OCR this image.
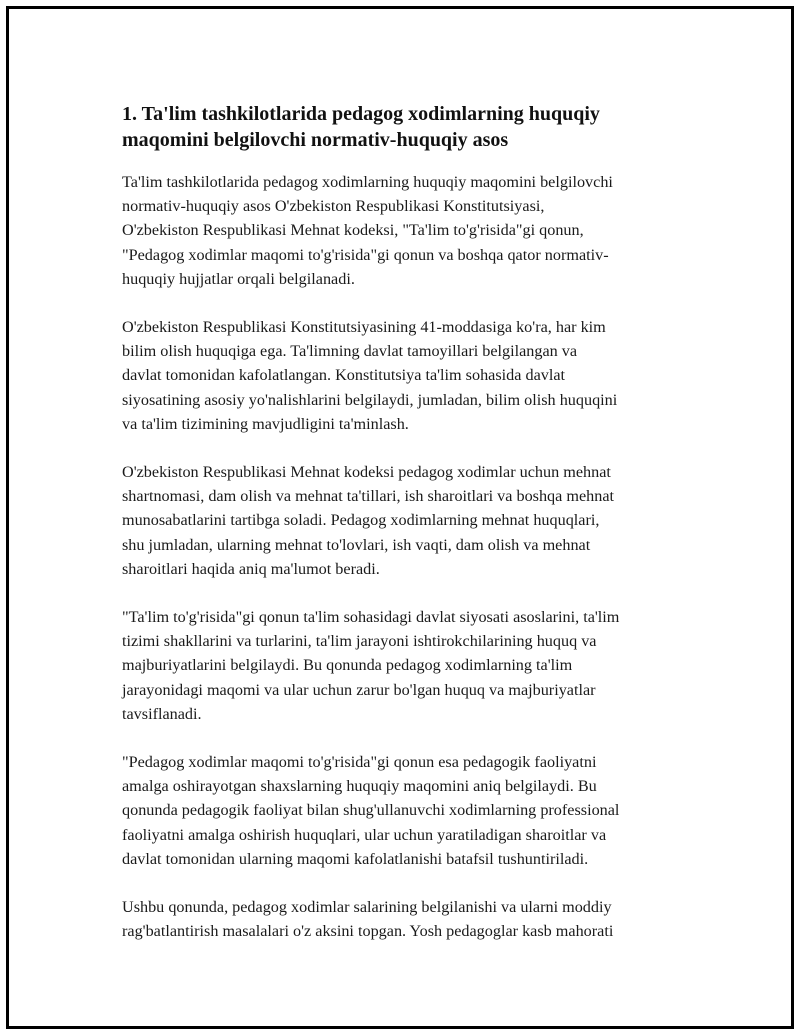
1. Ta'lim tashkilotlarida pedagog xodimlarning huquqiy
maqomini belgilovchi normativ-huquqiy asos

Ta'lim tashkilotlarida pedagog xodimlarning huquqiy maqomini belgilovchi
normativ-huquqiy asos O'zbekiston Respublikasi Konstitutsiyasi,
O'zbekiston Respublikasi Mehnat kodeksi, "Ta'lim to'g'risida"gi qonun,
"Pedagog xodimlar maqomi to'g'risida"gi qonun va boshqa qator normativ-
huquqiy hujjatlar orqali belgilanadi.

O'zbekiston Respublikasi Konstitutsiyasining 41-moddasiga ko'ra, har kim
bilim olish huquqiga ega. Ta'limning davlat tamoyillari belgilangan va
davlat tomonidan kafolatlangan. Konstitutsiya ta'lim sohasida davlat
siyosatining asosiy yo'nalishlarini belgilaydi, jumladan, bilim olish huquqini
va ta'lim tizimining mavjudligini ta'minlash.

O'zbekiston Respublikasi Mehnat kodeksi pedagog xodimlar uchun mehnat
shartnomasi, dam olish va mehnat ta'tillari, ish sharoitlari va boshqa mehnat
munosabatlarini tartibga soladi. Pedagog xodimlarning mehnat huquqlari,
shu jumladan, ularning mehnat to'lovlari, ish vaqti, dam olish va mehnat
sharoitlari haqida aniq ma'lumot beradi.

"Ta'lim to'g'risida"gi qonun ta'lim sohasidagi davlat siyosati asoslarini, ta'lim
tizimi shakllarini va turlarini, ta'lim jarayoni ishtirokchilarining huquq va
majburiyatlarini belgilaydi. Bu qonunda pedagog xodimlarning ta'lim
jarayonidagi maqomi va ular uchun zarur bo'lgan huquq va majburiyatlar
tavsiflanadi.

"Pedagog xodimlar maqomi to'g'risida"gi qonun esa pedagogik faoliyatni
amalga oshirayotgan shaxslarning huquqiy maqomini aniq belgilaydi. Bu
qonunda pedagogik faoliyat bilan shug'ullanuvchi xodimlarning professional
faoliyatni amalga oshirish huquqlari, ular uchun yaratiladigan sharoitlar va
davlat tomonidan ularning maqomi kafolatlanishi batafsil tushuntiriladi.

Ushbu qonunda, pedagog xodimlar salarining belgilanishi va ularni moddiy
rag'batlantirish masalalari o'z aksini topgan. Yosh pedagoglar kasb mahorati
